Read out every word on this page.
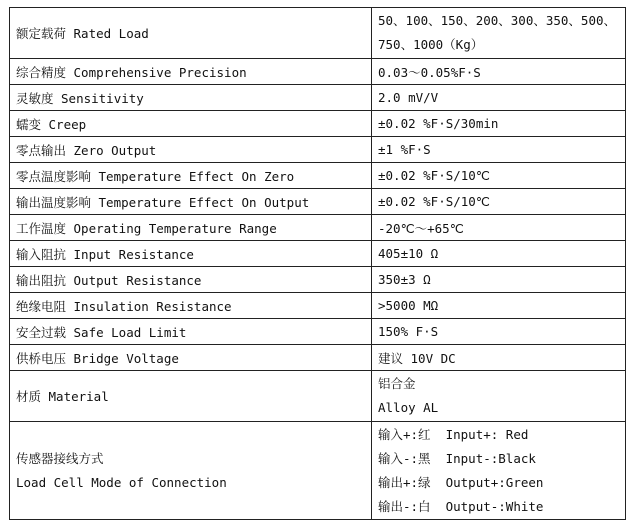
额定载荷 Rated Load	50、100、150、200、300、350、500、
750、1000（Kg）

综合精度 Comprehensive Precision	0.03～0.05%F·S
灵敏度 Sensitivity	2.0 mV/V
蠕变 Creep	±0.02 %F·S/30min
零点输出 Zero Output	±1 %F·S
零点温度影响 Temperature Effect On Zero	±0.02 %F·S/10℃
输出温度影响 Temperature Effect On Output	±0.02 %F·S/10℃
工作温度 Operating Temperature Range	-20℃～+65℃
输入阻抗 Input Resistance	405±10 Ω
输出阻抗 Output Resistance	350±3 Ω
绝缘电阻 Insulation Resistance	>5000 MΩ
安全过载 Safe Load Limit	150% F·S
供桥电压 Bridge Voltage	建议 10V DC
材质 Material	铝合金
Alloy AL

传感器接线方式
Load Cell Mode of Connection	输入+:红  Input+: Red
输入-:黑  Input-:Black
输出+:绿  Output+:Green
输出-:白  Output-:White
